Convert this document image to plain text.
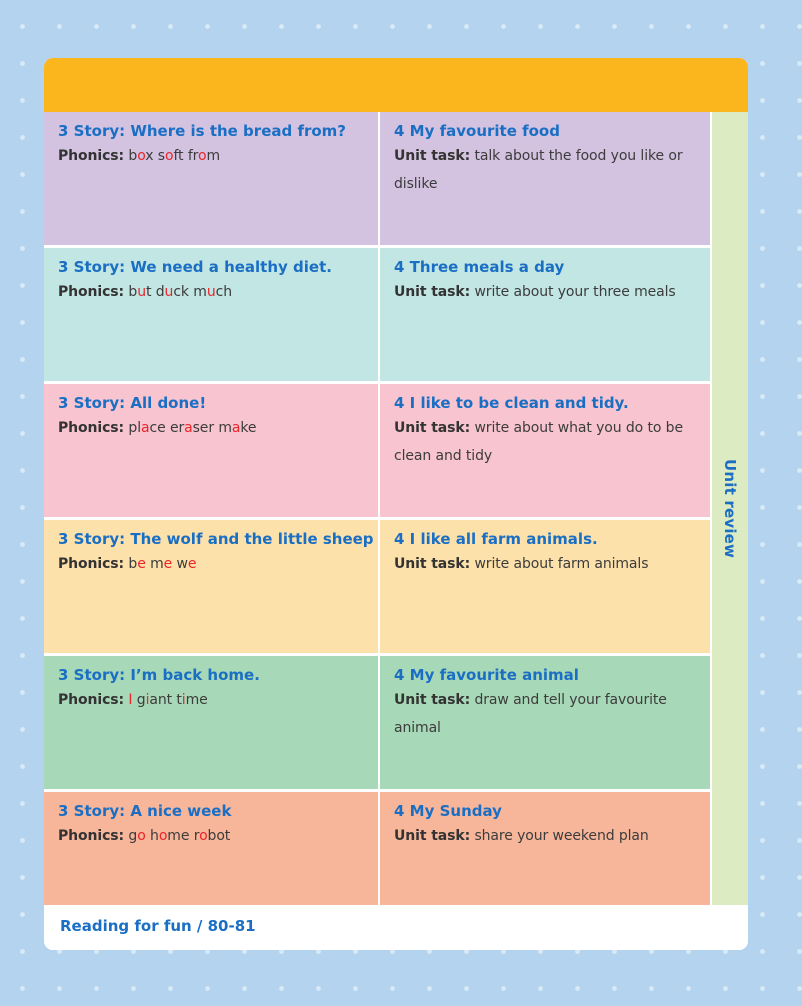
3 Story: Where is the bread from?
Phonics: box soft from
4 My favourite food
Unit task: talk about the food you like or dislike
3 Story: We need a healthy diet.
Phonics: but duck much
4 Three meals a day
Unit task: write about your three meals
3 Story: All done!
Phonics: place eraser make
4 I like to be clean and tidy.
Unit task: write about what you do to be clean and tidy
3 Story: The wolf and the little sheep
Phonics: be me we
4 I like all farm animals.
Unit task: write about farm animals
3 Story: I’m back home.
Phonics: I giant time
4 My favourite animal
Unit task: draw and tell your favourite animal
3 Story: A nice week
Phonics: go home robot
4 My Sunday
Unit task: share your weekend plan
Unit review
Reading for fun / 80-81
